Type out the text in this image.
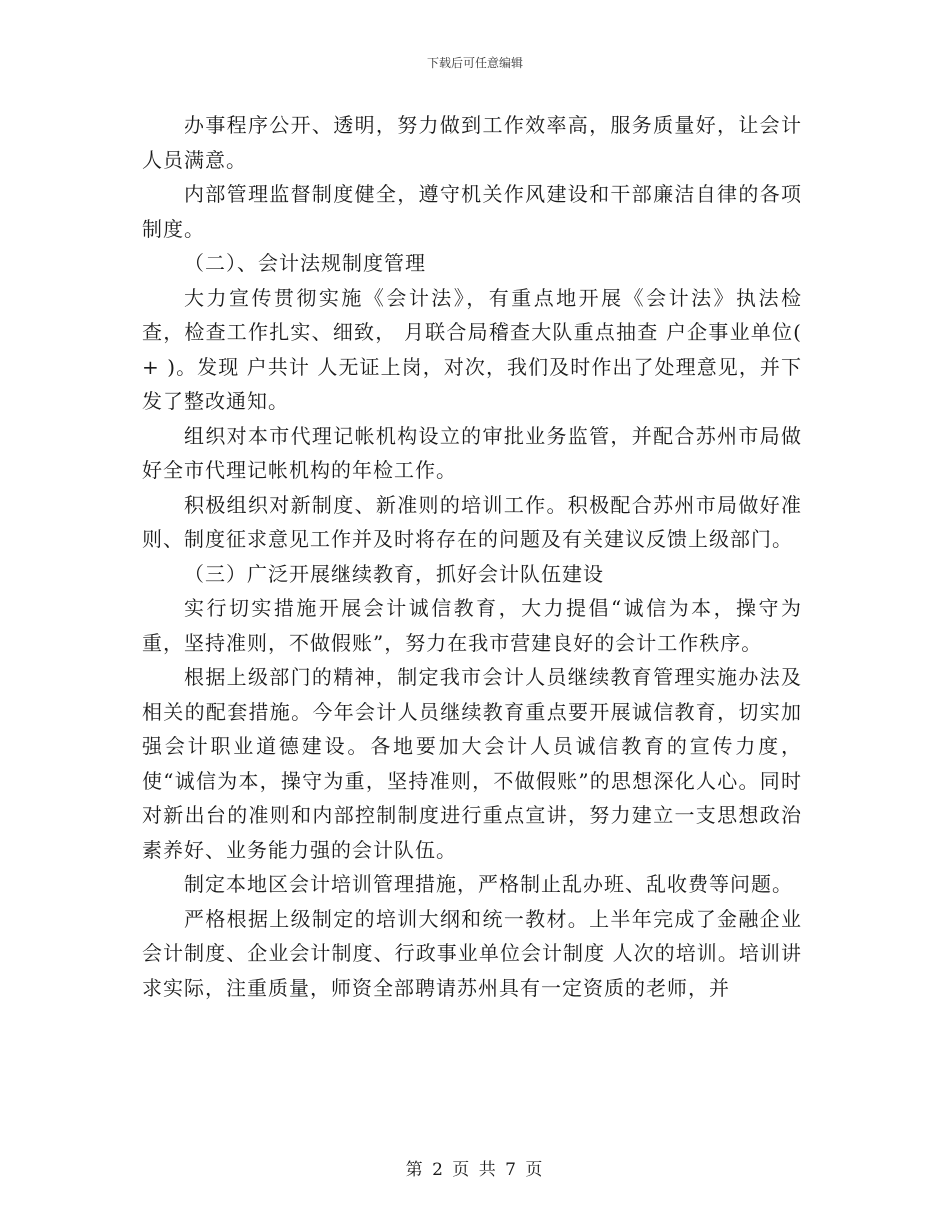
下载后可任意编辑

办事程序公开、透明，努力做到工作效率高，服务质量好，让会计人员满意。

内部管理监督制度健全，遵守机关作风建设和干部廉洁自律的各项制度。

（二）、会计法规制度管理

大力宣传贯彻实施《会计法》，有重点地开展《会计法》执法检查，检查工作扎实、细致， 月联合局稽查大队重点抽查 户企事业单位( + )。发现 户共计 人无证上岗，对次，我们及时作出了处理意见，并下发了整改通知。

组织对本市代理记帐机构设立的审批业务监管，并配合苏州市局做好全市代理记帐机构的年检工作。

积极组织对新制度、新准则的培训工作。积极配合苏州市局做好准则、制度征求意见工作并及时将存在的问题及有关建议反馈上级部门。

（三）广泛开展继续教育，抓好会计队伍建设

实行切实措施开展会计诚信教育，大力提倡“诚信为本，操守为重，坚持准则，不做假账”，努力在我市营建良好的会计工作秩序。

根据上级部门的精神，制定我市会计人员继续教育管理实施办法及相关的配套措施。今年会计人员继续教育重点要开展诚信教育，切实加强会计职业道德建设。各地要加大会计人员诚信教育的宣传力度，使“诚信为本，操守为重，坚持准则，不做假账”的思想深化人心。同时对新出台的准则和内部控制制度进行重点宣讲，努力建立一支思想政治素养好、业务能力强的会计队伍。

制定本地区会计培训管理措施，严格制止乱办班、乱收费等问题。

严格根据上级制定的培训大纲和统一教材。上半年完成了金融企业会计制度、企业会计制度、行政事业单位会计制度 人次的培训。培训讲求实际，注重质量，师资全部聘请苏州具有一定资质的老师，并

第 2 页 共 7 页
